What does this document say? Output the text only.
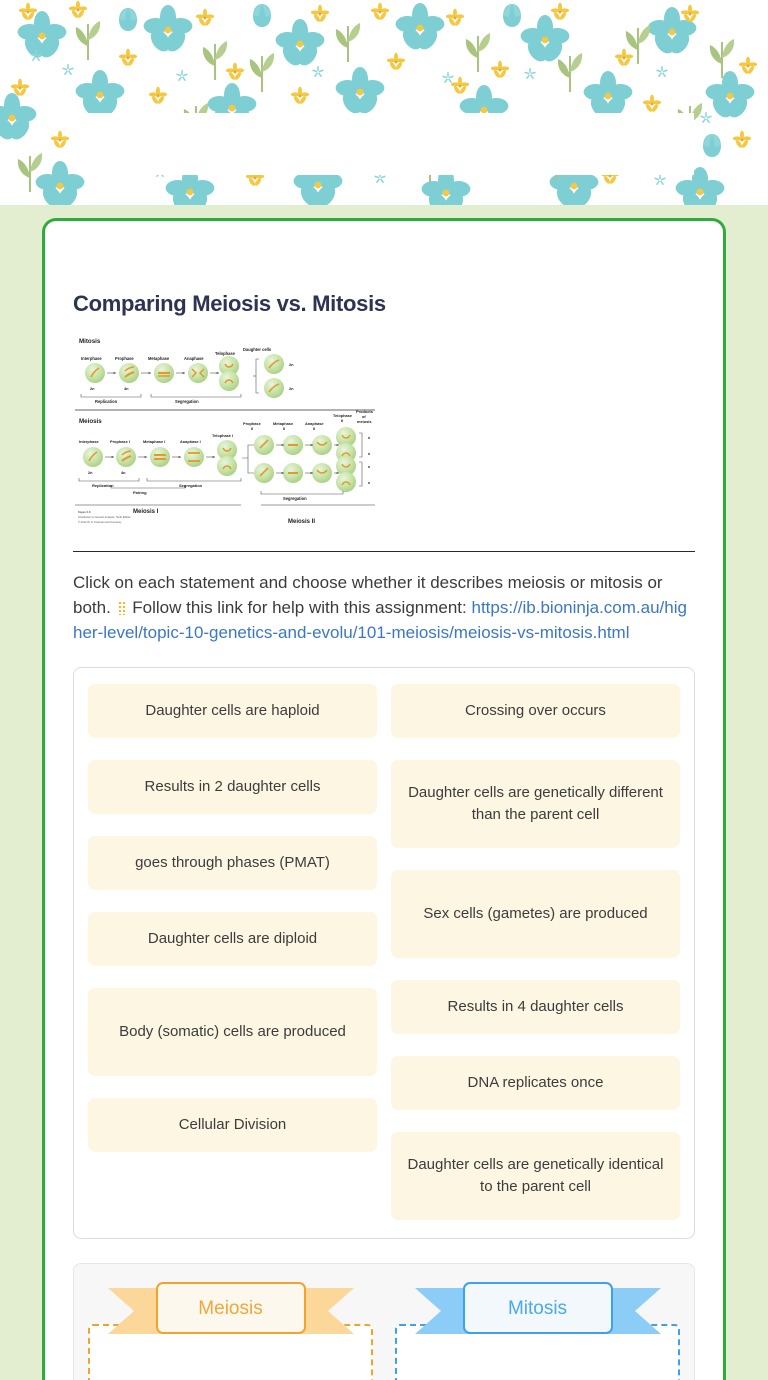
Comparing Meiosis vs. Mitosis
Mitosis
Interphase	Prophase	Metaphase	Anaphase
Telophase
Daughter cells
2n	4n
2n
2n
Replication	Segregation
Meiosis
Interphase	Prophase I	Metaphase I	Anaphase I
Telophase I
Prophase
II
Metaphase
II
Anaphase
II
Telophase
II
Products
of
meiosis
2n	4n
Replication
Pairing
Segregation
n
n
n
n
Segregation
Meiosis I
Meiosis II
Figure 2-8
Introduction to Genetic Analysis, Tenth Edition
© 2012 W. H. Freeman and Company
Click on each statement and choose whether it describes meiosis or mitosis or both. Follow this link for help with this assignment: https://ib.bioninja.com.au/higher-level/topic-10-genetics-and-evolu/101-meiosis/meiosis-vs-mitosis.html
Daughter cells are haploid
Results in 2 daughter cells
goes through phases (PMAT)
Daughter cells are diploid
Body (somatic) cells are produced
Cellular Division
Crossing over occurs
Daughter cells are genetically different than the parent cell
Sex cells (gametes) are produced
Results in 4 daughter cells
DNA replicates once
Daughter cells are genetically identical to the parent cell
Meiosis	Mitosis
